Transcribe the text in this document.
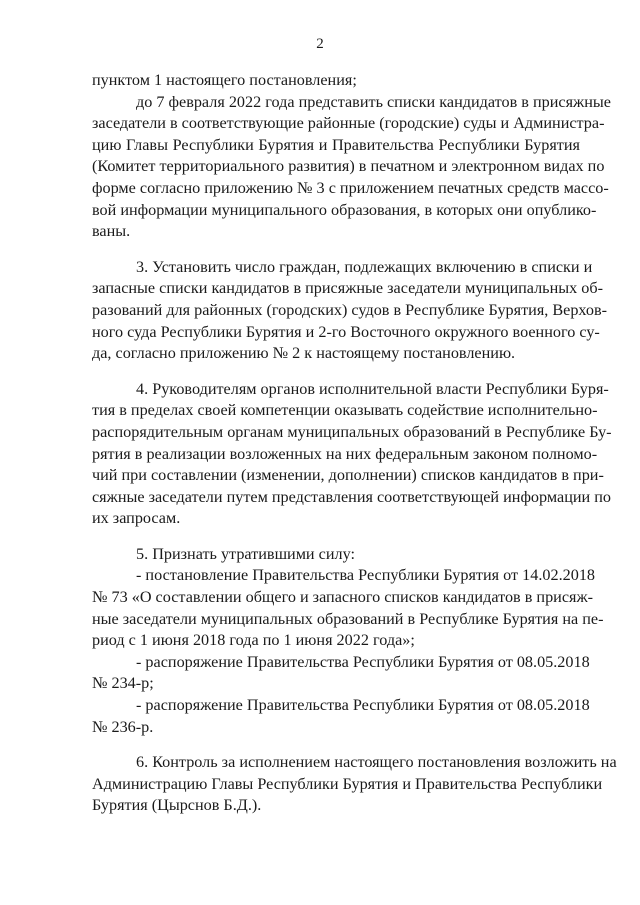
2
пунктом 1 настоящего постановления;
до 7 февраля 2022 года представить списки кандидатов в присяжные
заседатели в соответствующие районные (городские) суды и Администра-
цию Главы Республики Бурятия и Правительства Республики Бурятия
(Комитет территориального развития) в печатном и электронном видах по
форме согласно приложению № 3 с приложением печатных средств массо-
вой информации муниципального образования, в которых они опублико-
ваны.
3. Установить число граждан, подлежащих включению в списки и
запасные списки кандидатов в присяжные заседатели муниципальных об-
разований для районных (городских) судов в Республике Бурятия, Верхов-
ного суда Республики Бурятия и 2-го Восточного окружного военного су-
да, согласно приложению № 2 к настоящему постановлению.
4. Руководителям органов исполнительной власти Республики Буря-
тия в пределах своей компетенции оказывать содействие исполнительно-
распорядительным органам муниципальных образований в Республике Бу-
рятия в реализации возложенных на них федеральным законом полномо-
чий при составлении (изменении, дополнении) списков кандидатов в при-
сяжные заседатели путем представления соответствующей информации по
их запросам.
5. Признать утратившими силу:
- постановление Правительства Республики Бурятия от 14.02.2018
№ 73 «О составлении общего и запасного списков кандидатов в присяж-
ные заседатели муниципальных образований в Республике Бурятия на пе-
риод с 1 июня 2018 года по 1 июня 2022 года»;
- распоряжение Правительства Республики Бурятия от 08.05.2018
№ 234-р;
- распоряжение Правительства Республики Бурятия от 08.05.2018
№ 236-р.
6. Контроль за исполнением настоящего постановления возложить на
Администрацию Главы Республики Бурятия и Правительства Республики
Бурятия (Цырснов Б.Д.).
